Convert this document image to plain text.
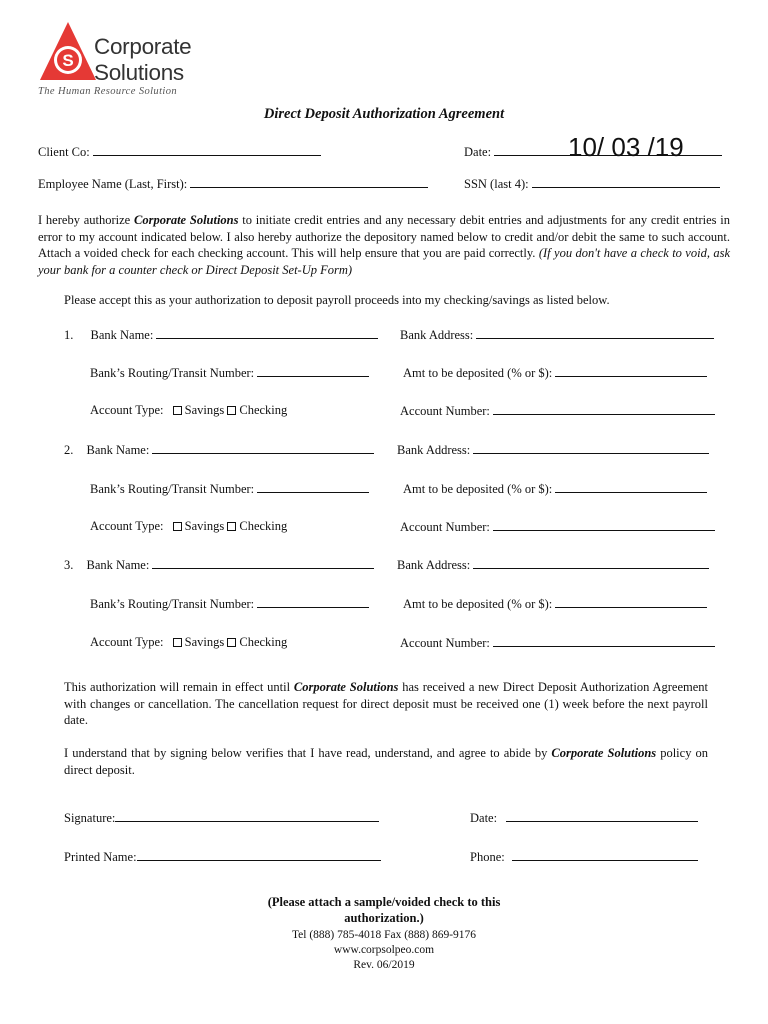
S
Corporate
Solutions
The Human Resource Solution
Direct Deposit Authorization Agreement
Client Co:	Date:	10/ 03 /19
Employee Name (Last, First):	SSN (last 4):
I hereby authorize Corporate Solutions to initiate credit entries and any necessary debit entries and adjustments for any credit entries in error to my account indicated below. I also hereby authorize the depository named below to credit and/or debit the same to such account. Attach a voided check for each checking account. This will help ensure that you are paid correctly. (If you don't have a check to void, ask your bank for a counter check or Direct Deposit Set-Up Form)
Please accept this as your authorization to deposit payroll proceeds into my checking/savings as listed below.
1. Bank Name:	Bank Address:
Bank’s Routing/Transit Number:	Amt to be deposited (% or $):
Account Type: Savings Checking	Account Number:
2. Bank Name:	Bank Address:
Bank’s Routing/Transit Number:	Amt to be deposited (% or $):
Account Type: Savings Checking	Account Number:
3. Bank Name:	Bank Address:
Bank’s Routing/Transit Number:	Amt to be deposited (% or $):
Account Type: Savings Checking	Account Number:
This authorization will remain in effect until Corporate Solutions has received a new Direct Deposit Authorization Agreement with changes or cancellation. The cancellation request for direct deposit must be received one (1) week before the next payroll date.
I understand that by signing below verifies that I have read, understand, and agree to abide by Corporate Solutions policy on direct deposit.
Signature:	Date:
Printed Name:	Phone:
(Please attach a sample/voided check to this
authorization.)
Tel (888) 785-4018 Fax (888) 869-9176
www.corpsolpeo.com
Rev. 06/2019
